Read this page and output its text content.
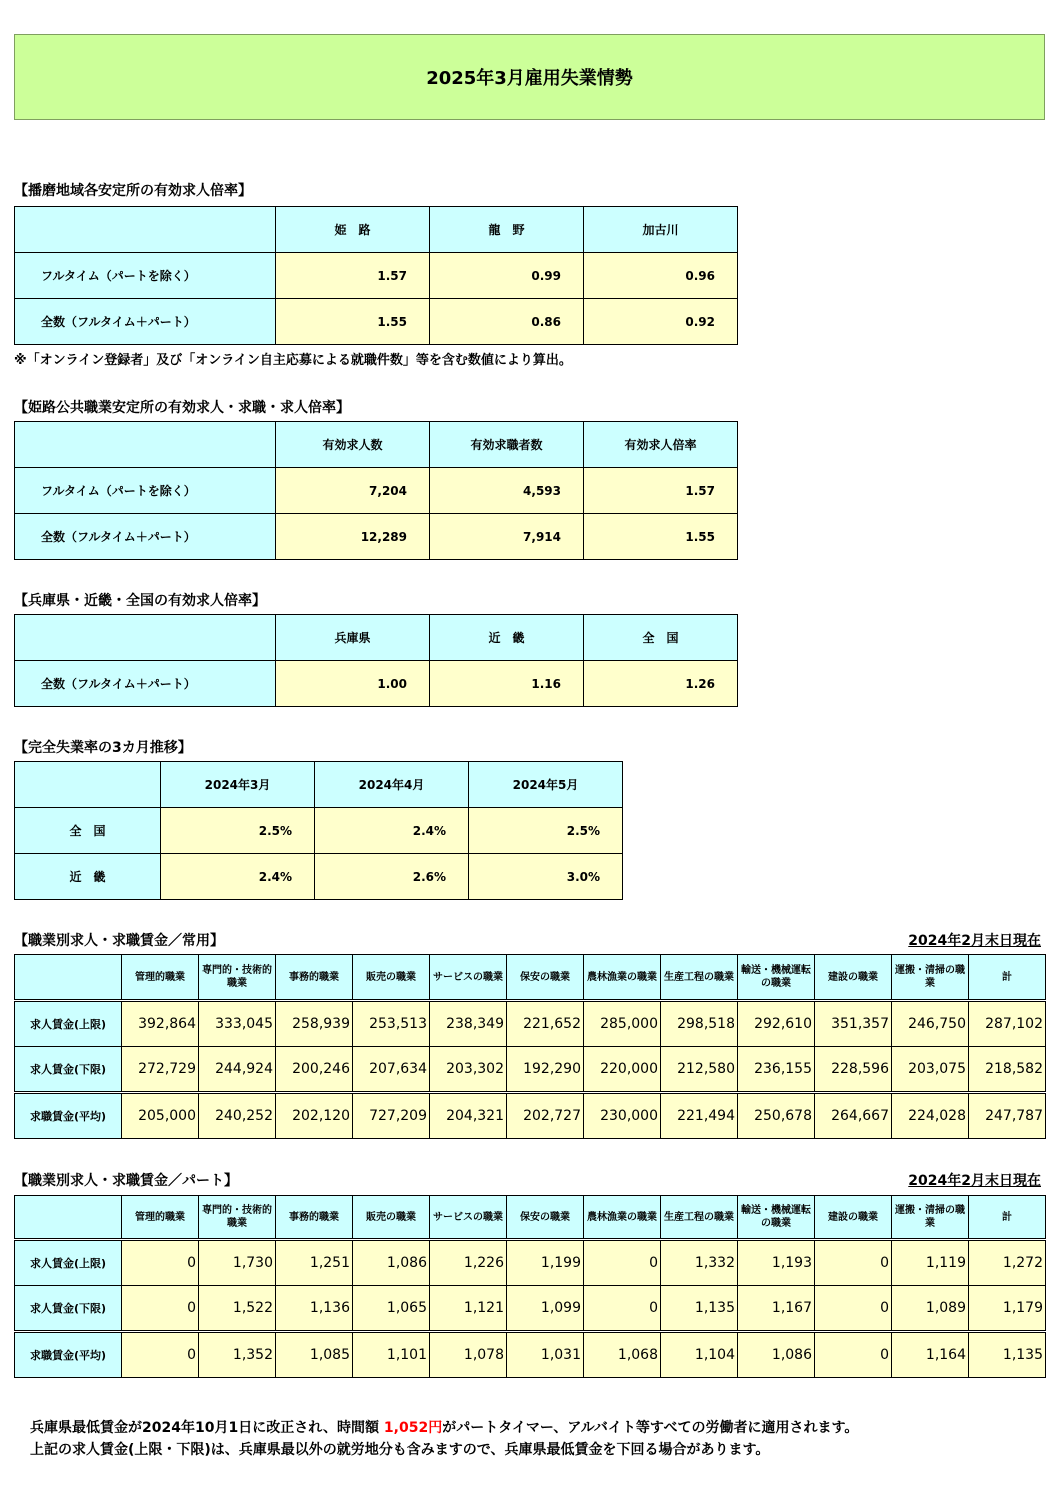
2025年3月雇用失業情勢
【播磨地域各安定所の有効求人倍率】
	姫　路	龍　野	加古川
フルタイム（パートを除く）	1.57	0.99	0.96
全数（フルタイム＋パート）	1.55	0.86	0.92
※「オンライン登録者」及び「オンライン自主応募による就職件数」等を含む数値により算出。
【姫路公共職業安定所の有効求人・求職・求人倍率】
	有効求人数	有効求職者数	有効求人倍率
フルタイム（パートを除く）	7,204	4,593	1.57
全数（フルタイム＋パート）	12,289	7,914	1.55
【兵庫県・近畿・全国の有効求人倍率】
	兵庫県	近　畿	全　国
全数（フルタイム＋パート）	1.00	1.16	1.26
【完全失業率の3カ月推移】
	2024年3月	2024年4月	2024年5月
全　国	2.5%	2.4%	2.5%
近　畿	2.4%	2.6%	3.0%
【職業別求人・求職賃金／常用】	2024年2月末日現在
	管理的職業	専門的・技術的職業	事務的職業	販売の職業	サービスの職業	保安の職業	農林漁業の職業	生産工程の職業	輸送・機械運転の職業	建設の職業	運搬・清掃の職業	計
求人賃金(上限)	392,864	333,045	258,939	253,513	238,349	221,652	285,000	298,518	292,610	351,357	246,750	287,102
求人賃金(下限)	272,729	244,924	200,246	207,634	203,302	192,290	220,000	212,580	236,155	228,596	203,075	218,582
求職賃金(平均)	205,000	240,252	202,120	727,209	204,321	202,727	230,000	221,494	250,678	264,667	224,028	247,787
【職業別求人・求職賃金／パート】	2024年2月末日現在
	管理的職業	専門的・技術的職業	事務的職業	販売の職業	サービスの職業	保安の職業	農林漁業の職業	生産工程の職業	輸送・機械運転の職業	建設の職業	運搬・清掃の職業	計
求人賃金(上限)	0	1,730	1,251	1,086	1,226	1,199	0	1,332	1,193	0	1,119	1,272
求人賃金(下限)	0	1,522	1,136	1,065	1,121	1,099	0	1,135	1,167	0	1,089	1,179
求職賃金(平均)	0	1,352	1,085	1,101	1,078	1,031	1,068	1,104	1,086	0	1,164	1,135
兵庫県最低賃金が2024年10月1日に改正され、時間額 1,052円がパートタイマー、アルバイト等すべての労働者に適用されます。
上記の求人賃金(上限・下限)は、兵庫県最以外の就労地分も含みますので、兵庫県最低賃金を下回る場合があります。
